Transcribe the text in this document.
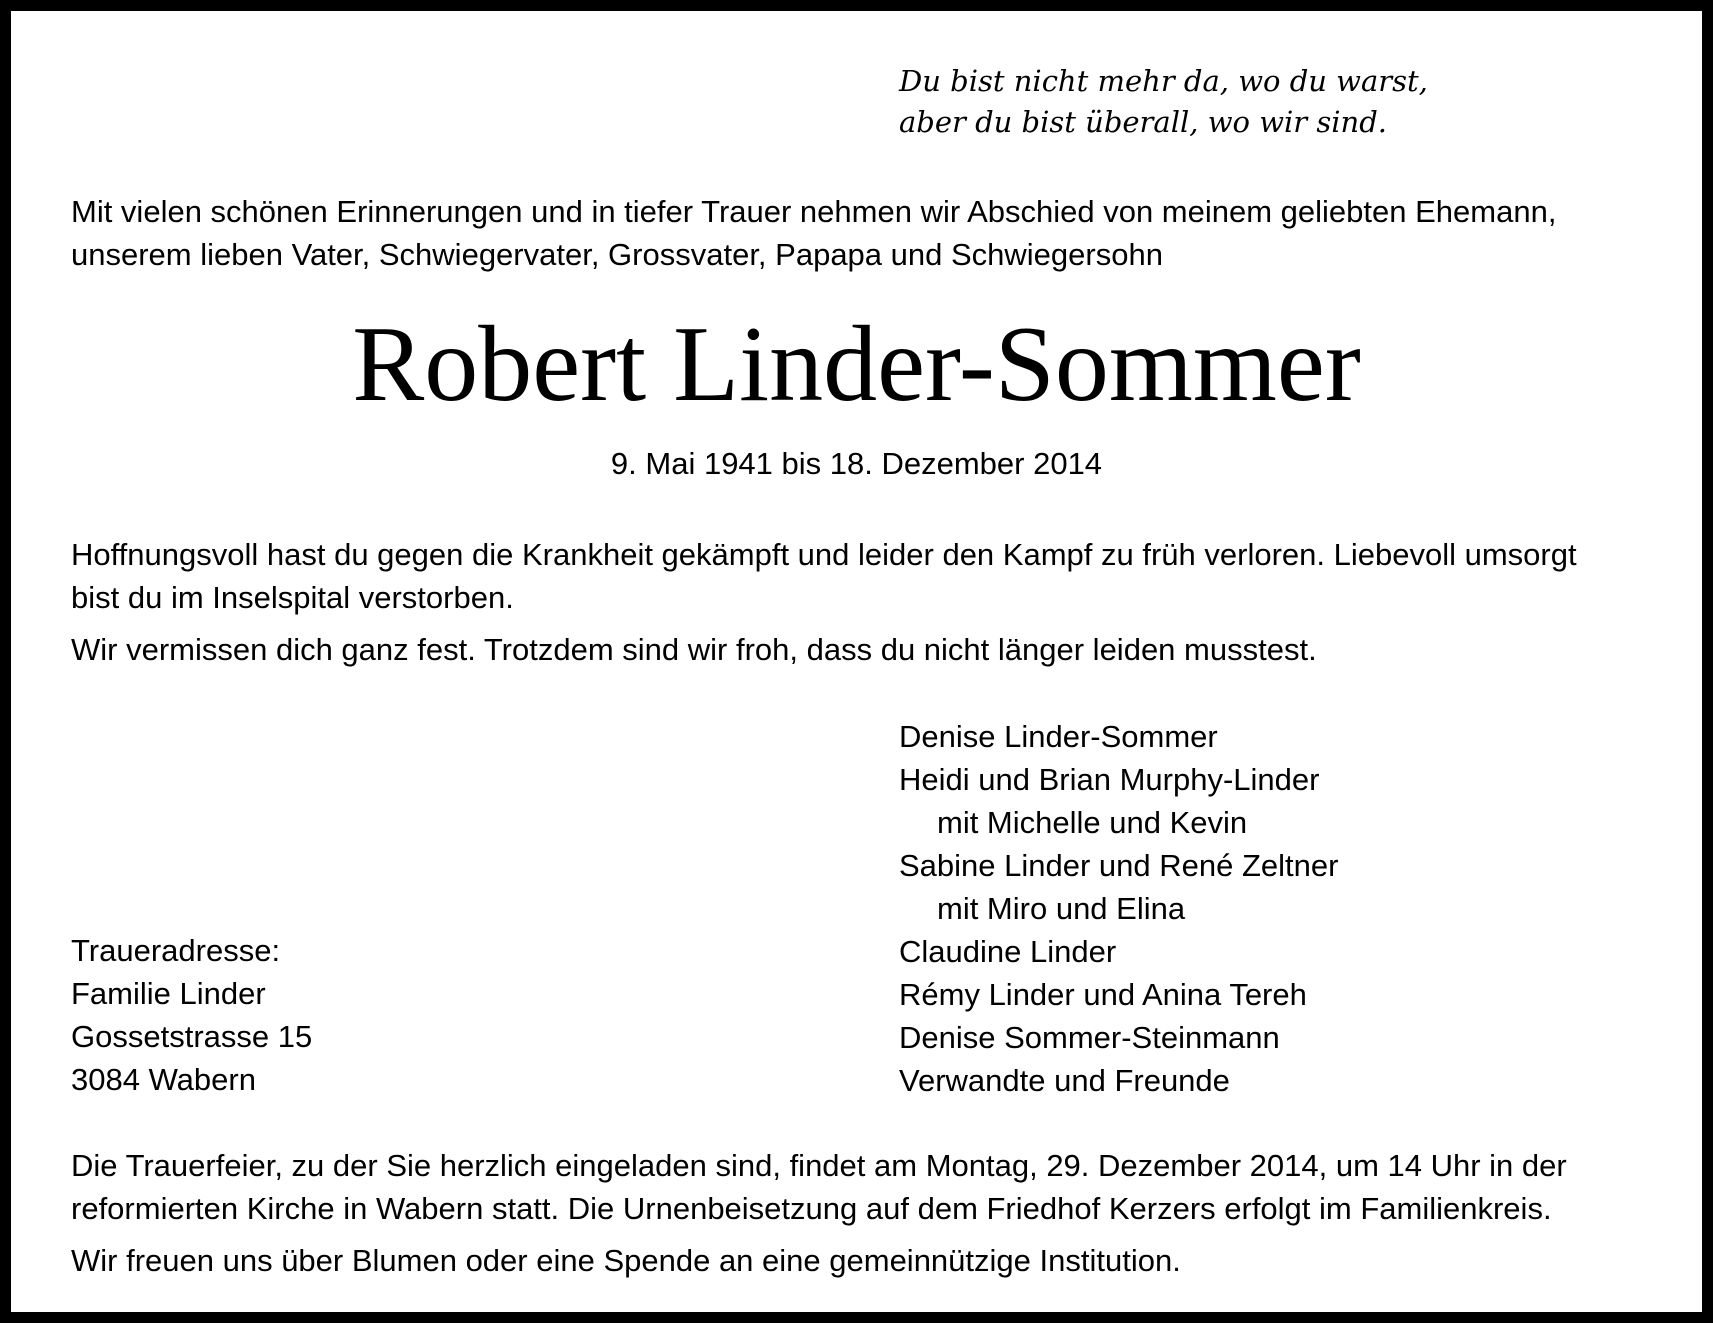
Du bist nicht mehr da, wo du warst,
aber du bist überall, wo wir sind.
Mit vielen schönen Erinnerungen und in tiefer Trauer nehmen wir Abschied von meinem geliebten Ehemann,
unserem lieben Vater, Schwiegervater, Grossvater, Papapa und Schwiegersohn
Robert Linder-Sommer
9. Mai 1941 bis 18. Dezember 2014
Hoffnungsvoll hast du gegen die Krankheit gekämpft und leider den Kampf zu früh verloren. Liebevoll umsorgt
bist du im Inselspital verstorben.
Wir vermissen dich ganz fest. Trotzdem sind wir froh, dass du nicht länger leiden musstest.
Denise Linder-Sommer
Heidi und Brian Murphy-Linder
mit Michelle und Kevin
Sabine Linder und René Zeltner
mit Miro und Elina
Claudine Linder
Rémy Linder und Anina Tereh
Denise Sommer-Steinmann
Verwandte und Freunde
Traueradresse:
Familie Linder
Gossetstrasse 15
3084 Wabern
Die Trauerfeier, zu der Sie herzlich eingeladen sind, findet am Montag, 29. Dezember 2014, um 14 Uhr in der
reformierten Kirche in Wabern statt. Die Urnenbeisetzung auf dem Friedhof Kerzers erfolgt im Familienkreis.
Wir freuen uns über Blumen oder eine Spende an eine gemeinnützige Institution.
